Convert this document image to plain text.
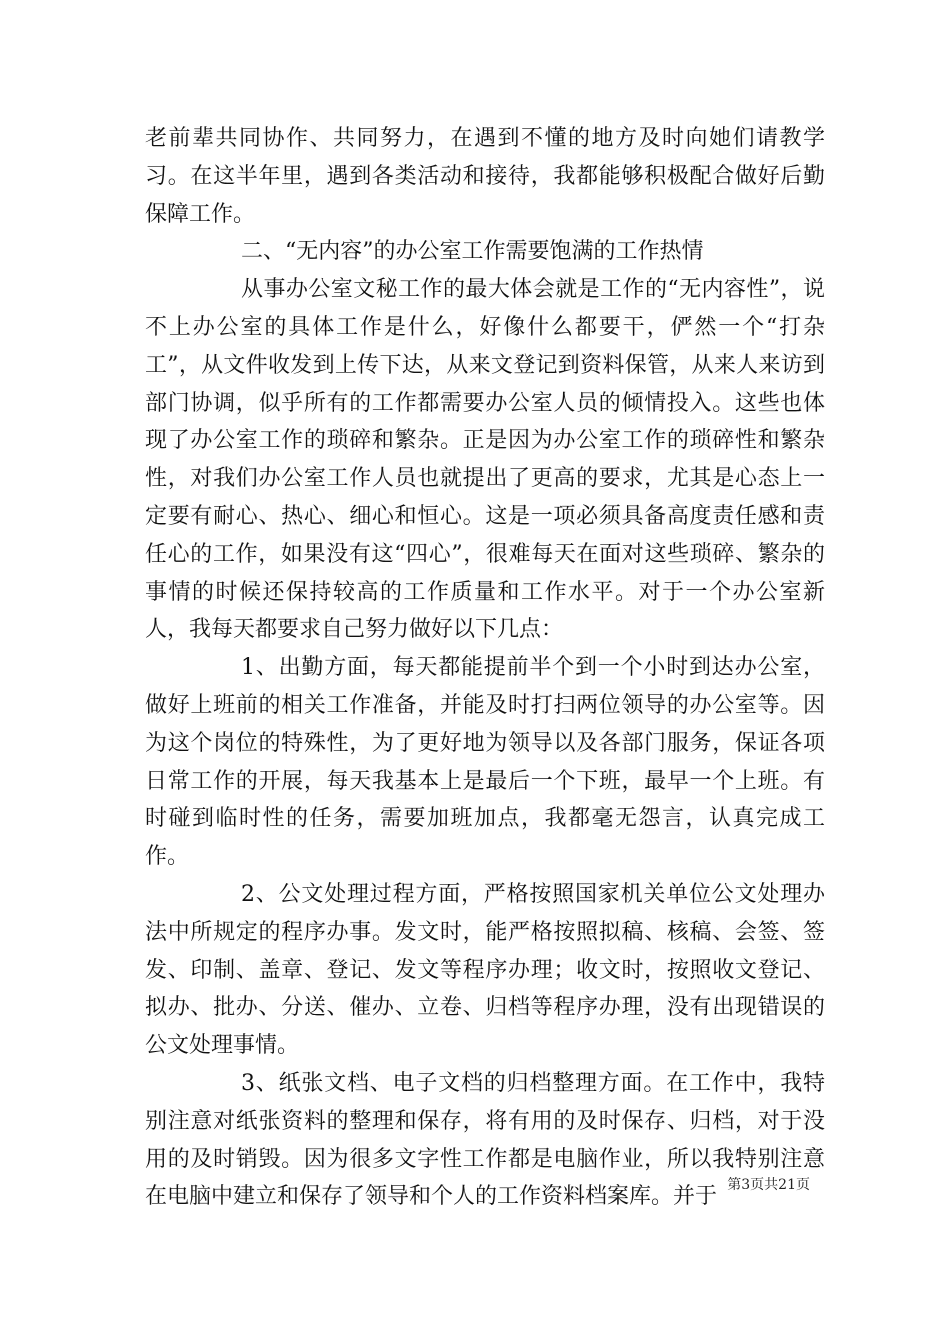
老前辈共同协作、共同努力，在遇到不懂的地方及时向她们请教学习。在这半年里，遇到各类活动和接待，我都能够积极配合做好后勤保障工作。

二、“无内容”的办公室工作需要饱满的工作热情

从事办公室文秘工作的最大体会就是工作的“无内容性”，说不上办公室的具体工作是什么，好像什么都要干，俨然一个“打杂工”，从文件收发到上传下达，从来文登记到资料保管，从来人来访到部门协调，似乎所有的工作都需要办公室人员的倾情投入。这些也体现了办公室工作的琐碎和繁杂。正是因为办公室工作的琐碎性和繁杂性，对我们办公室工作人员也就提出了更高的要求，尤其是心态上一定要有耐心、热心、细心和恒心。这是一项必须具备高度责任感和责任心的工作，如果没有这“四心”，很难每天在面对这些琐碎、繁杂的事情的时候还保持较高的工作质量和工作水平。对于一个办公室新人，我每天都要求自己努力做好以下几点：

1、出勤方面，每天都能提前半个到一个小时到达办公室，做好上班前的相关工作准备，并能及时打扫两位领导的办公室等。因为这个岗位的特殊性，为了更好地为领导以及各部门服务，保证各项日常工作的开展，每天我基本上是最后一个下班，最早一个上班。有时碰到临时性的任务，需要加班加点，我都毫无怨言，认真完成工作。

2、公文处理过程方面，严格按照国家机关单位公文处理办法中所规定的程序办事。发文时，能严格按照拟稿、核稿、会签、签发、印制、盖章、登记、发文等程序办理；收文时，按照收文登记、拟办、批办、分送、催办、立卷、归档等程序办理，没有出现错误的公文处理事情。

3、纸张文档、电子文档的归档整理方面。在工作中，我特别注意对纸张资料的整理和保存，将有用的及时保存、归档，对于没用的及时销毁。因为很多文字性工作都是电脑作业，所以我特别注意在电脑中建立和保存了领导和个人的工作资料档案库。并于 第3页共21页
